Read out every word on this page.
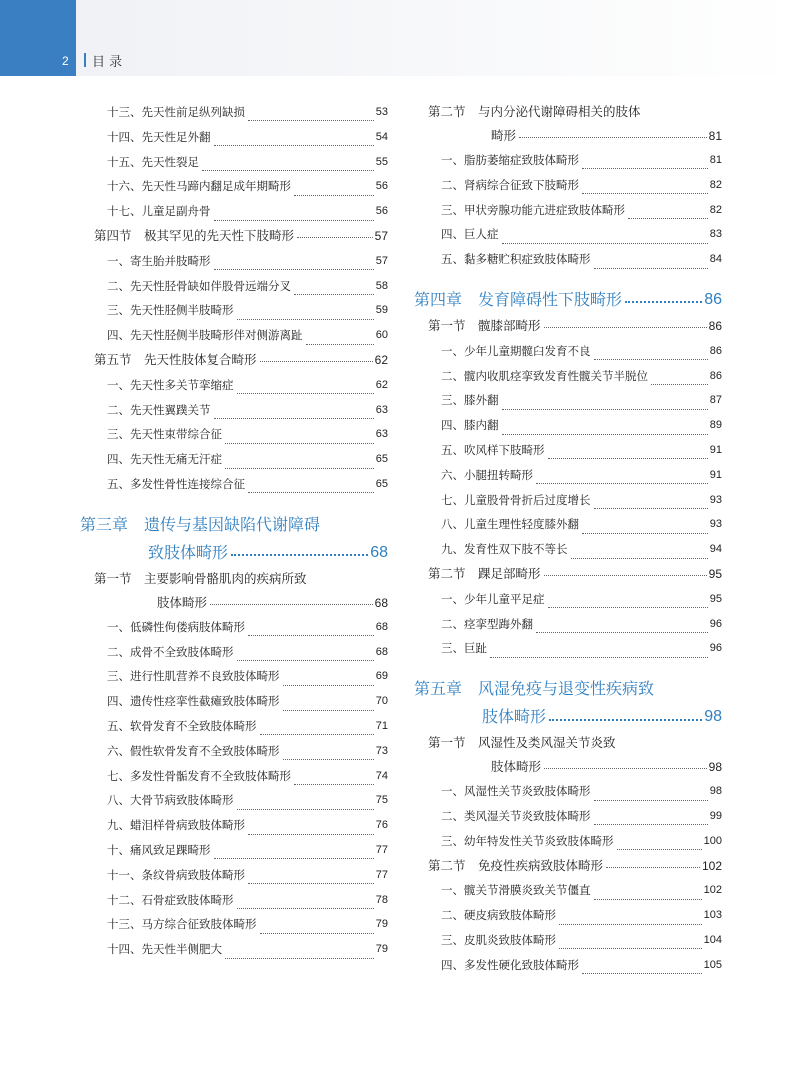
2 目 录
十三、先天性前足纵列缺损	53
十四、先天性足外翻	54
十五、先天性裂足	55
十六、先天性马蹄内翻足成年期畸形	56
十七、儿童足副舟骨	56
第四节　极其罕见的先天性下肢畸形	57
一、寄生胎并肢畸形	57
二、先天性胫骨缺如伴股骨远端分叉	58
三、先天性胫侧半肢畸形	59
四、先天性胫侧半肢畸形伴对侧游离趾	60
第五节　先天性肢体复合畸形	62
一、先天性多关节挛缩症	62
二、先天性翼蹼关节	63
三、先天性束带综合征	63
四、先天性无痛无汗症	65
五、多发性骨性连接综合征	65
第三章　遗传与基因缺陷代谢障碍
致肢体畸形	68
第一节　主要影响骨骼肌肉的疾病所致
肢体畸形	68
一、低磷性佝偻病肢体畸形	68
二、成骨不全致肢体畸形	68
三、进行性肌营养不良致肢体畸形	69
四、遗传性痉挛性截瘫致肢体畸形	70
五、软骨发育不全致肢体畸形	71
六、假性软骨发育不全致肢体畸形	73
七、多发性骨骺发育不全致肢体畸形	74
八、大骨节病致肢体畸形	75
九、蜡泪样骨病致肢体畸形	76
十、痛风致足踝畸形	77
十一、条纹骨病致肢体畸形	77
十二、石骨症致肢体畸形	78
十三、马方综合征致肢体畸形	79
十四、先天性半侧肥大	79
第二节　与内分泌代谢障碍相关的肢体
畸形	81
一、脂肪萎缩症致肢体畸形	81
二、肾病综合征致下肢畸形	82
三、甲状旁腺功能亢进症致肢体畸形	82
四、巨人症	83
五、黏多糖贮积症致肢体畸形	84
第四章　发育障碍性下肢畸形	86
第一节　髋膝部畸形	86
一、少年儿童期髋臼发育不良	86
二、髋内收肌痉挛致发育性髋关节半脱位	86
三、膝外翻	87
四、膝内翻	89
五、吹风样下肢畸形	91
六、小腿扭转畸形	91
七、儿童股骨骨折后过度增长	93
八、儿童生理性轻度膝外翻	93
九、发育性双下肢不等长	94
第二节　踝足部畸形	95
一、少年儿童平足症	95
二、痉挛型踇外翻	96
三、巨趾	96
第五章　风湿免疫与退变性疾病致
肢体畸形	98
第一节　风湿性及类风湿关节炎致
肢体畸形	98
一、风湿性关节炎致肢体畸形	98
二、类风湿关节炎致肢体畸形	99
三、幼年特发性关节炎致肢体畸形	100
第二节　免疫性疾病致肢体畸形	102
一、髋关节滑膜炎致关节僵直	102
二、硬皮病致肢体畸形	103
三、皮肌炎致肢体畸形	104
四、多发性硬化致肢体畸形	105
